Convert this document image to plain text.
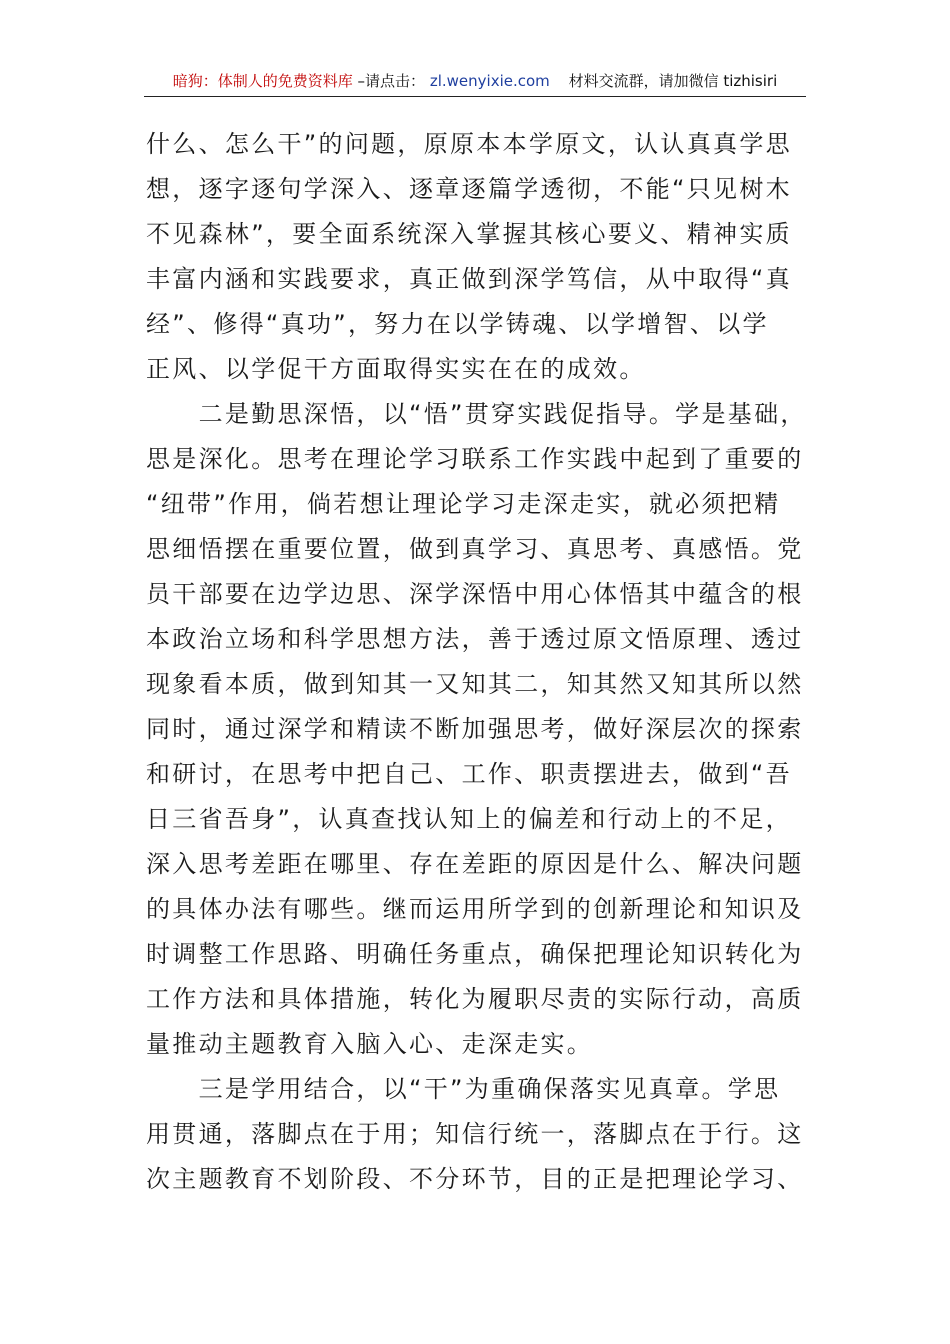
暗狗：体制人的免费资料库 –请点击： zl.wenyixie.com 材料交流群，请加微信 tizhisiri
什么、怎么干”的问题，原原本本学原文，认认真真学思
想，逐字逐句学深入、逐章逐篇学透彻，不能“只见树木
不见森林”，要全面系统深入掌握其核心要义、精神实质
丰富内涵和实践要求，真正做到深学笃信，从中取得“真
经”、修得“真功”，努力在以学铸魂、以学增智、以学
正风、以学促干方面取得实实在在的成效。
　　二是勤思深悟，以“悟”贯穿实践促指导。学是基础，
思是深化。思考在理论学习联系工作实践中起到了重要的
“纽带”作用，倘若想让理论学习走深走实，就必须把精
思细悟摆在重要位置，做到真学习、真思考、真感悟。党
员干部要在边学边思、深学深悟中用心体悟其中蕴含的根
本政治立场和科学思想方法，善于透过原文悟原理、透过
现象看本质，做到知其一又知其二，知其然又知其所以然
同时，通过深学和精读不断加强思考，做好深层次的探索
和研讨，在思考中把自己、工作、职责摆进去，做到“吾
日三省吾身”，认真查找认知上的偏差和行动上的不足，
深入思考差距在哪里、存在差距的原因是什么、解决问题
的具体办法有哪些。继而运用所学到的创新理论和知识及
时调整工作思路、明确任务重点，确保把理论知识转化为
工作方法和具体措施，转化为履职尽责的实际行动，高质
量推动主题教育入脑入心、走深走实。
　　三是学用结合，以“干”为重确保落实见真章。学思
用贯通，落脚点在于用；知信行统一，落脚点在于行。这
次主题教育不划阶段、不分环节，目的正是把理论学习、
